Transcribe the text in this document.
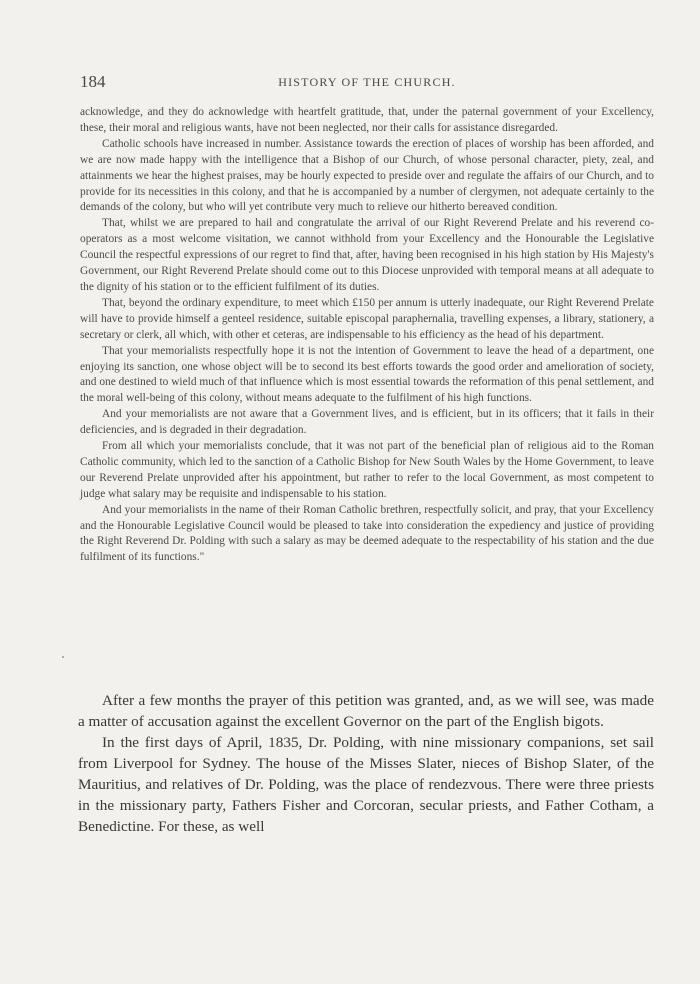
184	HISTORY OF THE CHURCH.

acknowledge, and they do acknowledge with heartfelt gratitude, that, under the paternal government of your Excellency, these, their moral and religious wants, have not been neglected, nor their calls for assistance disregarded.

Catholic schools have increased in number. Assistance towards the erection of places of worship has been afforded, and we are now made happy with the intelligence that a Bishop of our Church, of whose personal character, piety, zeal, and attainments we hear the highest praises, may be hourly expected to preside over and regulate the affairs of our Church, and to provide for its necessities in this colony, and that he is accompanied by a number of clergymen, not adequate certainly to the demands of the colony, but who will yet contribute very much to relieve our hitherto bereaved condition.

That, whilst we are prepared to hail and congratulate the arrival of our Right Reverend Prelate and his reverend co-operators as a most welcome visitation, we cannot withhold from your Excellency and the Honourable the Legislative Council the respectful expressions of our regret to find that, after, having been recognised in his high station by His Majesty's Government, our Right Reverend Prelate should come out to this Diocese unprovided with temporal means at all adequate to the dignity of his station or to the efficient fulfilment of its duties.

That, beyond the ordinary expenditure, to meet which £150 per annum is utterly inadequate, our Right Reverend Prelate will have to provide himself a genteel residence, suitable episcopal paraphernalia, travelling expenses, a library, stationery, a secretary or clerk, all which, with other et ceteras, are indispensable to his efficiency as the head of his department.

That your memorialists respectfully hope it is not the intention of Government to leave the head of a department, one enjoying its sanction, one whose object will be to second its best efforts towards the good order and amelioration of society, and one destined to wield much of that influence which is most essential towards the reformation of this penal settlement, and the moral well-being of this colony, without means adequate to the fulfilment of his high functions.

And your memorialists are not aware that a Government lives, and is efficient, but in its officers; that it fails in their deficiencies, and is degraded in their degradation.

From all which your memorialists conclude, that it was not part of the beneficial plan of religious aid to the Roman Catholic community, which led to the sanction of a Catholic Bishop for New South Wales by the Home Government, to leave our Reverend Prelate unprovided after his appointment, but rather to refer to the local Government, as most competent to judge what salary may be requisite and indispensable to his station.

And your memorialists in the name of their Roman Catholic brethren, respectfully solicit, and pray, that your Excellency and the Honourable Legislative Council would be pleased to take into consideration the expediency and justice of providing the Right Reverend Dr. Polding with such a salary as may be deemed adequate to the respectability of his station and the due fulfilment of its functions."

After a few months the prayer of this petition was granted, and, as we will see, was made a matter of accusation against the excellent Governor on the part of the English bigots.

In the first days of April, 1835, Dr. Polding, with nine missionary companions, set sail from Liverpool for Sydney. The house of the Misses Slater, nieces of Bishop Slater, of the Mauritius, and relatives of Dr. Polding, was the place of rendezvous. There were three priests in the missionary party, Fathers Fisher and Corcoran, secular priests, and Father Cotham, a Benedictine. For these, as well
